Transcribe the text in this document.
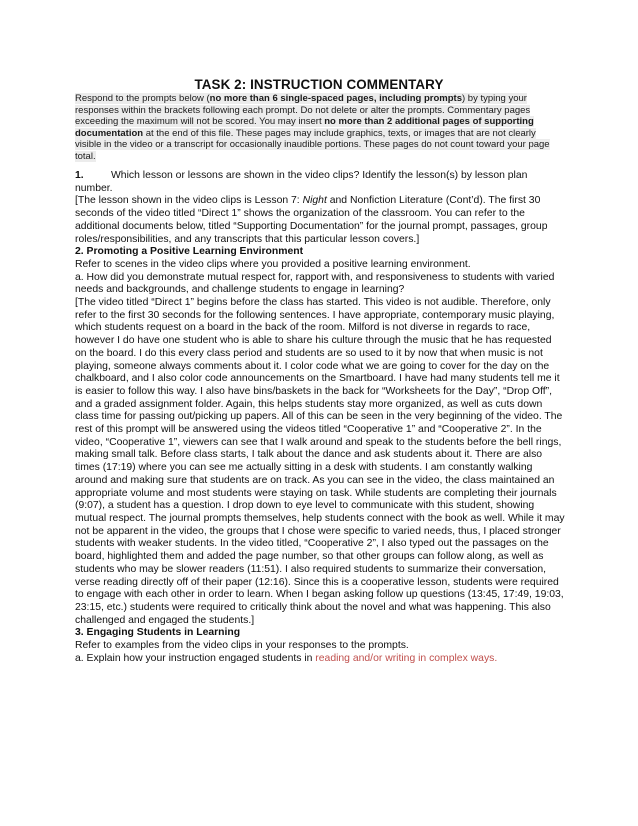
TASK 2: INSTRUCTION COMMENTARY
Respond to the prompts below (no more than 6 single-spaced pages, including prompts) by typing your responses within the brackets following each prompt. Do not delete or alter the prompts. Commentary pages exceeding the maximum will not be scored. You may insert no more than 2 additional pages of supporting documentation at the end of this file. These pages may include graphics, texts, or images that are not clearly visible in the video or a transcript for occasionally inaudible portions. These pages do not count toward your page total.

1.	Which lesson or lessons are shown in the video clips? Identify the lesson(s) by lesson plan number.

[The lesson shown in the video clips is Lesson 7: Night and Nonfiction Literature (Cont’d). The first 30 seconds of the video titled “Direct 1” shows the organization of the classroom. You can refer to the additional documents below, titled “Supporting Documentation” for the journal prompt, passages, group roles/responsibilities, and any transcripts that this particular lesson covers.]

2. Promoting a Positive Learning Environment

Refer to scenes in the video clips where you provided a positive learning environment.

a. How did you demonstrate mutual respect for, rapport with, and responsiveness to students with varied needs and backgrounds, and challenge students to engage in learning?

[The video titled “Direct 1” begins before the class has started. This video is not audible. Therefore, only refer to the first 30 seconds for the following sentences. I have appropriate, contemporary music playing, which students request on a board in the back of the room. Milford is not diverse in regards to race, however I do have one student who is able to share his culture through the music that he has requested on the board. I do this every class period and students are so used to it by now that when music is not playing, someone always comments about it. I color code what we are going to cover for the day on the chalkboard, and I also color code announcements on the Smartboard. I have had many students tell me it is easier to follow this way. I also have bins/baskets in the back for “Worksheets for the Day”, “Drop Off”, and a graded assignment folder. Again, this helps students stay more organized, as well as cuts down class time for passing out/picking up papers. All of this can be seen in the very beginning of the video. The rest of this prompt will be answered using the videos titled “Cooperative 1” and “Cooperative 2”. In the video, “Cooperative 1”, viewers can see that I walk around and speak to the students before the bell rings, making small talk. Before class starts, I talk about the dance and ask students about it. There are also times (17:19) where you can see me actually sitting in a desk with students. I am constantly walking around and making sure that students are on track. As you can see in the video, the class maintained an appropriate volume and most students were staying on task. While students are completing their journals (9:07), a student has a question. I drop down to eye level to communicate with this student, showing mutual respect. The journal prompts themselves, help students connect with the book as well. While it may not be apparent in the video, the groups that I chose were specific to varied needs, thus, I placed stronger students with weaker students. In the video titled, “Cooperative 2”, I also typed out the passages on the board, highlighted them and added the page number, so that other groups can follow along, as well as students who may be slower readers (11:51). I also required students to summarize their conversation, verse reading directly off of their paper (12:16). Since this is a cooperative lesson, students were required to engage with each other in order to learn. When I began asking follow up questions (13:45, 17:49, 19:03, 23:15, etc.) students were required to critically think about the novel and what was happening. This also challenged and engaged the students.]

3. Engaging Students in Learning

Refer to examples from the video clips in your responses to the prompts.

a. Explain how your instruction engaged students in reading and/or writing in complex ways.
